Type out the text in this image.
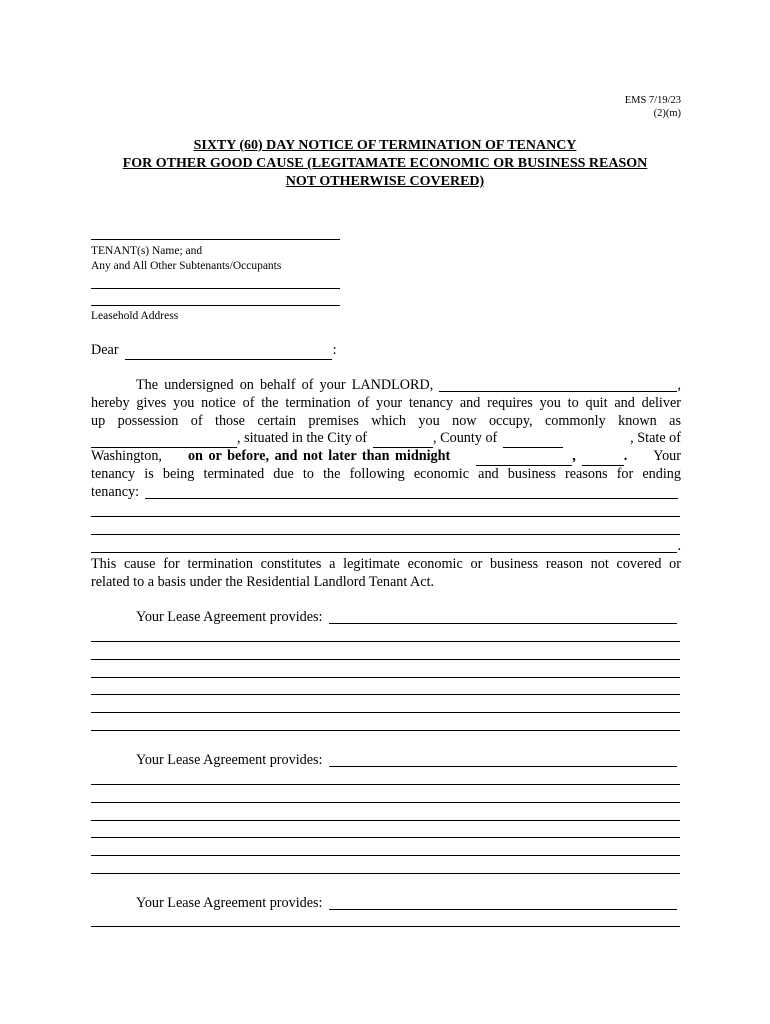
EMS 7/19/23
(2)(m)
SIXTY (60) DAY NOTICE OF TERMINATION OF TENANCY
FOR OTHER GOOD CAUSE (LEGITAMATE ECONOMIC OR BUSINESS REASON
NOT OTHERWISE COVERED)
TENANT(s) Name; and
Any and All Other Subtenants/Occupants
Leasehold Address
Dear	:
The undersigned on behalf of your LANDLORD,	,
hereby gives you notice of the termination of your tenancy and requires you to quit and deliver
up possession of those certain premises which you now occupy, commonly known as
, situated in the City of	, County of	, State of
Washington, on or before, and not later than midnight	,	. Your
tenancy is being terminated due to the following economic and business reasons for ending
tenancy:
.
This cause for termination constitutes a legitimate economic or business reason not covered or
related to a basis under the Residential Landlord Tenant Act.
Your Lease Agreement provides:
Your Lease Agreement provides:
Your Lease Agreement provides:
